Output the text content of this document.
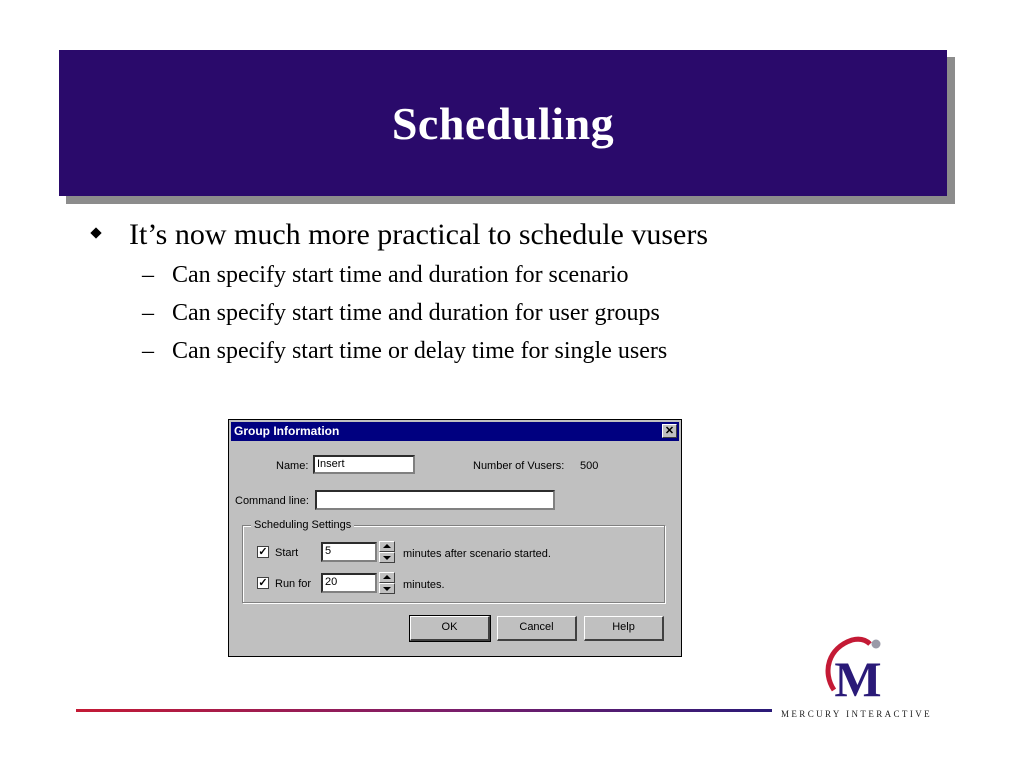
Scheduling
It’s now much more practical to schedule vusers
– Can specify start time and duration for scenario
– Can specify start time and duration for user groups
– Can specify start time or delay time for single users
Group Information	✕
Name: Insert	Number of Vusers: 500
Command line:
Scheduling Settings
✓ Start	5	minutes after scenario started.
✓ Run for	20	minutes.
OK	Cancel	Help
M
MERCURY INTERACTIVE
